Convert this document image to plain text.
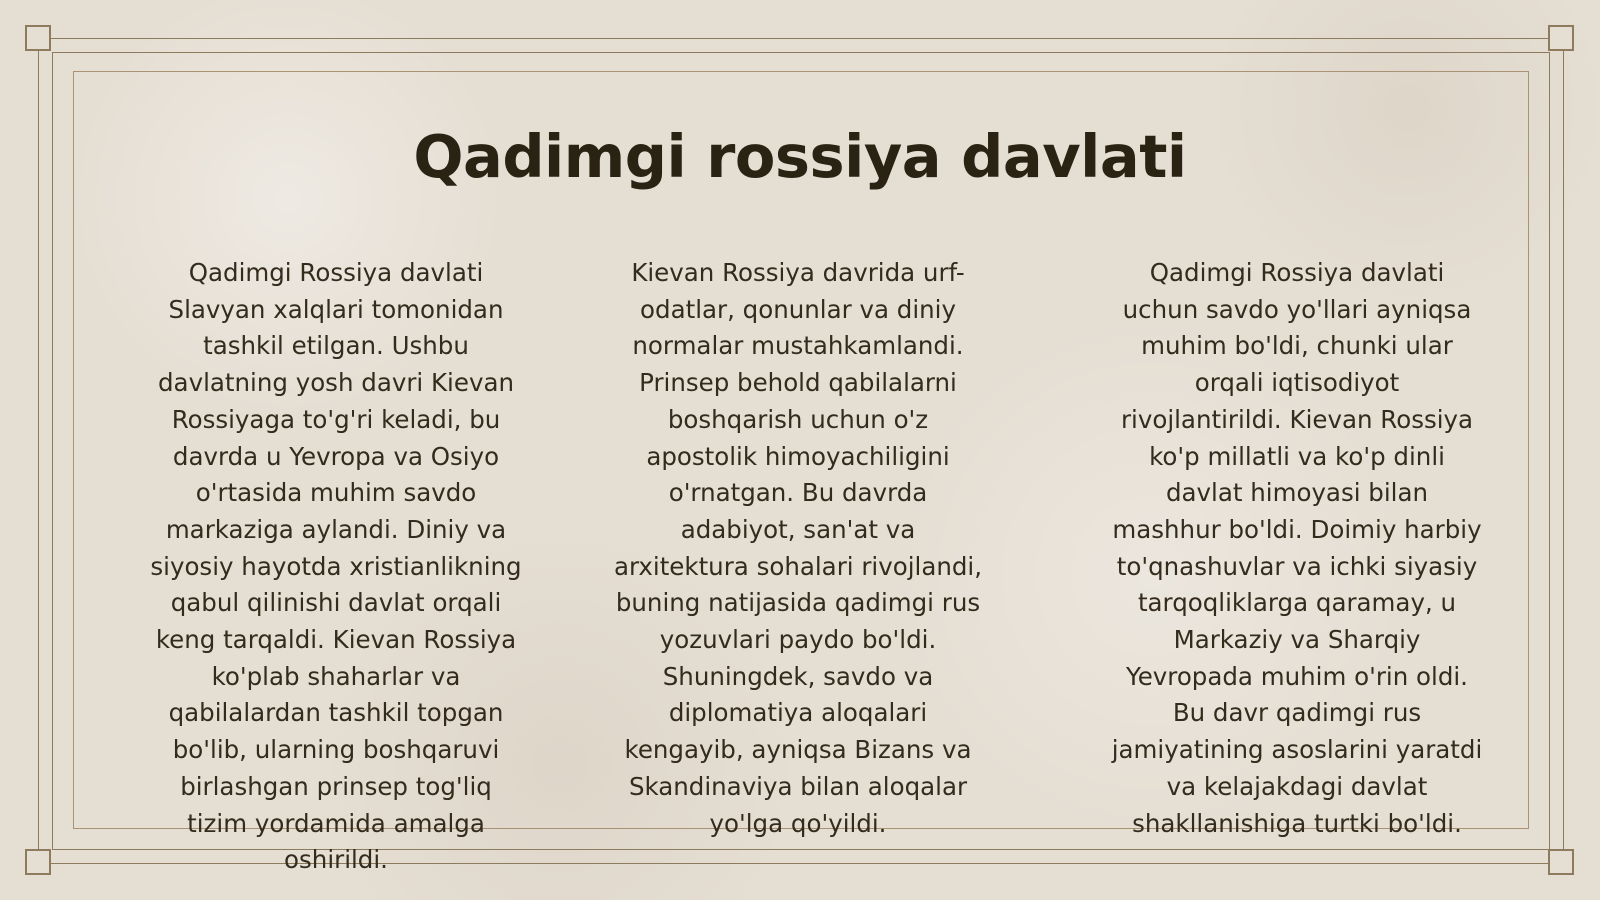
Qadimgi rossiya davlati

Qadimgi Rossiya davlati Slavyan xalqlari tomonidan tashkil etilgan. Ushbu davlatning yosh davri Kievan Rossiyaga to'g'ri keladi, bu davrda u Yevropa va Osiyo o'rtasida muhim savdo markaziga aylandi. Diniy va siyosiy hayotda xristianlikning qabul qilinishi davlat orqali keng tarqaldi. Kievan Rossiya ko'plab shaharlar va qabilalardan tashkil topgan bo'lib, ularning boshqaruvi birlashgan prinsep tog'liq tizim yordamida amalga oshirildi.

Kievan Rossiya davrida urf-odatlar, qonunlar va diniy normalar mustahkamlandi. Prinsep behold qabilalarni boshqarish uchun o'z apostolik himoyachiligini o'rnatgan. Bu davrda adabiyot, san'at va arxitektura sohalari rivojlandi, buning natijasida qadimgi rus yozuvlari paydo bo'ldi. Shuningdek, savdo va diplomatiya aloqalari kengayib, ayniqsa Bizans va Skandinaviya bilan aloqalar yo'lga qo'yildi.

Qadimgi Rossiya davlati uchun savdo yo'llari ayniqsa muhim bo'ldi, chunki ular orqali iqtisodiyot rivojlantirildi. Kievan Rossiya ko'p millatli va ko'p dinli davlat himoyasi bilan mashhur bo'ldi. Doimiy harbiy to'qnashuvlar va ichki siyasiy tarqoqliklarga qaramay, u Markaziy va Sharqiy Yevropada muhim o'rin oldi. Bu davr qadimgi rus jamiyatining asoslarini yaratdi va kelajakdagi davlat shakllanishiga turtki bo'ldi.
